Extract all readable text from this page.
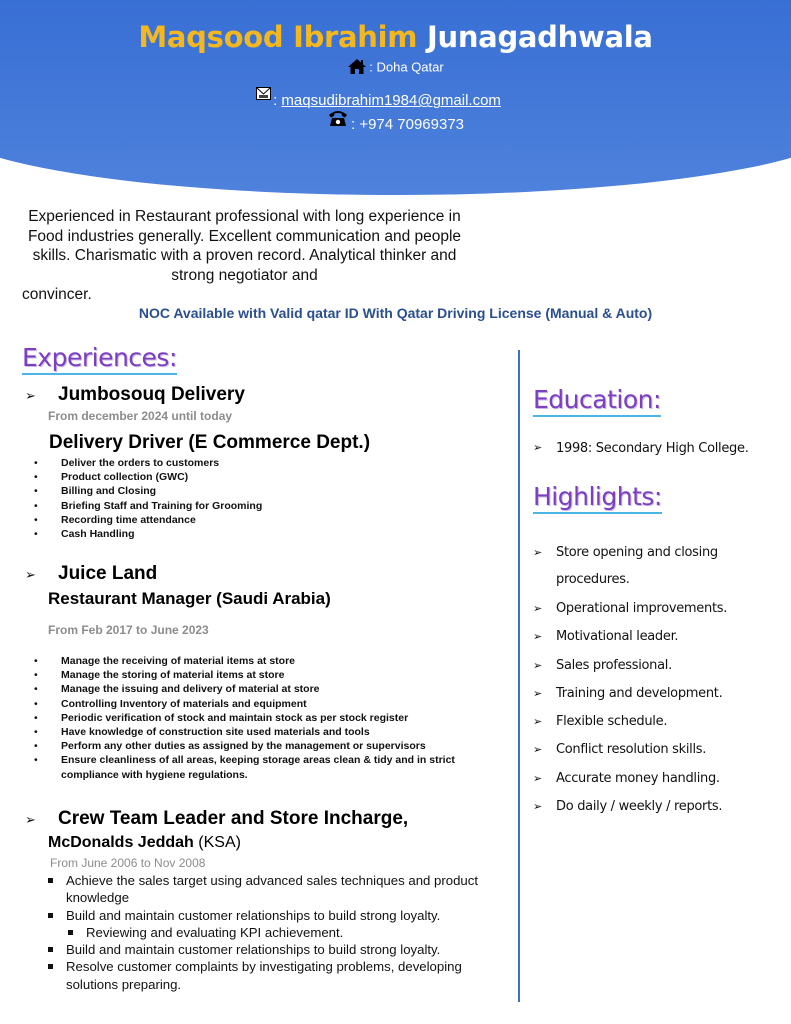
Maqsood Ibrahim Junagadhwala
: Doha Qatar
: maqsudibrahim1984@gmail.com
: +974 70969373
Experienced in Restaurant professional with long experience in Food industries generally. Excellent communication and people skills. Charismatic with a proven record. Analytical thinker and strong negotiator and
convincer.
NOC Available with Valid qatar ID With Qatar Driving License (Manual & Auto)
Experiences:
➢ Jumbosouq Delivery
From december 2024 until today
Delivery Driver (E Commerce Dept.)
• Deliver the orders to customers
• Product collection (GWC)
• Billing and Closing
• Briefing Staff and Training for Grooming
• Recording time attendance
• Cash Handling
➢ Juice Land
Restaurant Manager (Saudi Arabia)
From Feb 2017 to June 2023
• Manage the receiving of material items at store
• Manage the storing of material items at store
• Manage the issuing and delivery of material at store
• Controlling Inventory of materials and equipment
• Periodic verification of stock and maintain stock as per stock register
• Have knowledge of construction site used materials and tools
• Perform any other duties as assigned by the management or supervisors
• Ensure cleanliness of all areas, keeping storage areas clean & tidy and in strict compliance with hygiene regulations.
➢ Crew Team Leader and Store Incharge,
McDonalds Jeddah (KSA)
From June 2006 to Nov 2008
Achieve the sales target using advanced sales techniques and product knowledge
Build and maintain customer relationships to build strong loyalty.
Reviewing and evaluating KPI achievement.
Build and maintain customer relationships to build strong loyalty.
Resolve customer complaints by investigating problems, developing solutions preparing.
Education:
➢ 1998: Secondary High College.
Highlights:
➢ Store opening and closing procedures.
➢ Operational improvements.
➢ Motivational leader.
➢ Sales professional.
➢ Training and development.
➢ Flexible schedule.
➢ Conflict resolution skills.
➢ Accurate money handling.
➢ Do daily / weekly / reports.
